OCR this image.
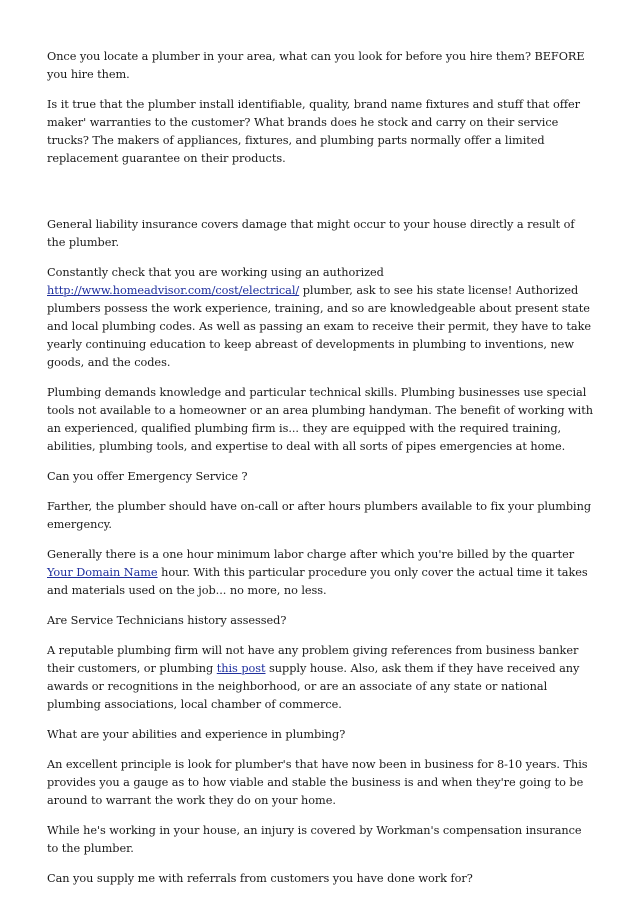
Once you locate a plumber in your area, what can you look for before you hire them? BEFORE you hire them.

Is it true that the plumber install identifiable, quality, brand name fixtures and stuff that offer maker' warranties to the customer? What brands does he stock and carry on their service trucks? The makers of appliances, fixtures, and plumbing parts normally offer a limited replacement guarantee on their products.

General liability insurance covers damage that might occur to your house directly a result of the plumber.

Constantly check that you are working using an authorized http://www.homeadvisor.com/cost/electrical/ plumber, ask to see his state license! Authorized plumbers possess the work experience, training, and so are knowledgeable about present state and local plumbing codes. As well as passing an exam to receive their permit, they have to take yearly continuing education to keep abreast of developments in plumbing to inventions, new goods, and the codes.

Plumbing demands knowledge and particular technical skills. Plumbing businesses use special tools not available to a homeowner or an area plumbing handyman. The benefit of working with an experienced, qualified plumbing firm is... they are equipped with the required training, abilities, plumbing tools, and expertise to deal with all sorts of pipes emergencies at home.

Can you offer Emergency Service ?

Farther, the plumber should have on-call or after hours plumbers available to fix your plumbing emergency.

Generally there is a one hour minimum labor charge after which you're billed by the quarter Your Domain Name hour. With this particular procedure you only cover the actual time it takes and materials used on the job... no more, no less.

Are Service Technicians history assessed?

A reputable plumbing firm will not have any problem giving references from business banker their customers, or plumbing this post supply house. Also, ask them if they have received any awards or recognitions in the neighborhood, or are an associate of any state or national plumbing associations, local chamber of commerce.

What are your abilities and experience in plumbing?

An excellent principle is look for plumber's that have now been in business for 8-10 years. This provides you a gauge as to how viable and stable the business is and when they're going to be around to warrant the work they do on your home.

While he's working in your house, an injury is covered by Workman's compensation insurance to the plumber.

Can you supply me with referrals from customers you have done work for?
